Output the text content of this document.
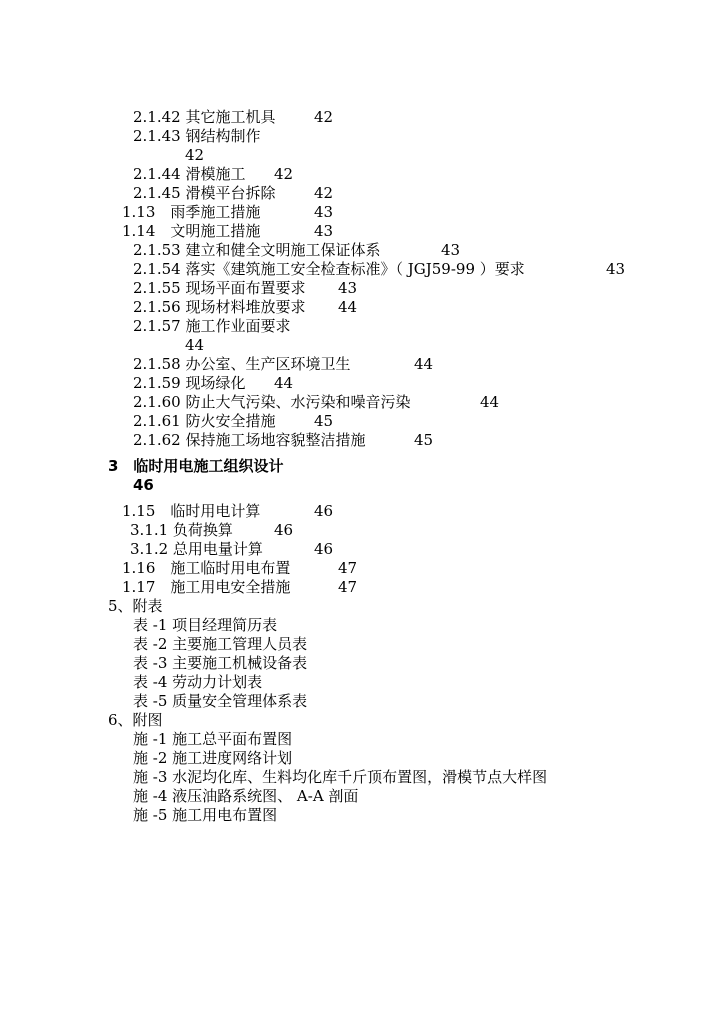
2.1.42 其它施工机具	42
2.1.43 钢结构制作
42
2.1.44 滑模施工 42
2.1.45 滑模平台拆除	42
1.13　雨季施工措施	43
1.14　文明施工措施	43
2.1.53 建立和健全文明施工保证体系	43
2.1.54 落实《建筑施工安全检查标准》（ JGJ59-99 ）要求	43
2.1.55 现场平面布置要求 43
2.1.56 现场材料堆放要求 44
2.1.57 施工作业面要求
44
2.1.58 办公室、生产区环境卫生	44
2.1.59 现场绿化 44
2.1.60 防止大气污染、水污染和噪音污染	44
2.1.61 防火安全措施	45
2.1.62 保持施工场地容貌整洁措施	45
3　临时用电施工组织设计
46
1.15　临时用电计算	46
3.1.1 负荷换算	46
3.1.2 总用电量计算	46
1.16　施工临时用电布置	47
1.17　施工用电安全措施	47
5、附表
表 -1 项目经理简历表
表 -2 主要施工管理人员表
表 -3 主要施工机械设备表
表 -4 劳动力计划表
表 -5 质量安全管理体系表
6、附图
施 -1 施工总平面布置图
施 -2 施工进度网络计划
施 -3 水泥均化库、生料均化库千斤顶布置图，滑模节点大样图
施 -4 液压油路系统图、 A-A 剖面
施 -5 施工用电布置图
